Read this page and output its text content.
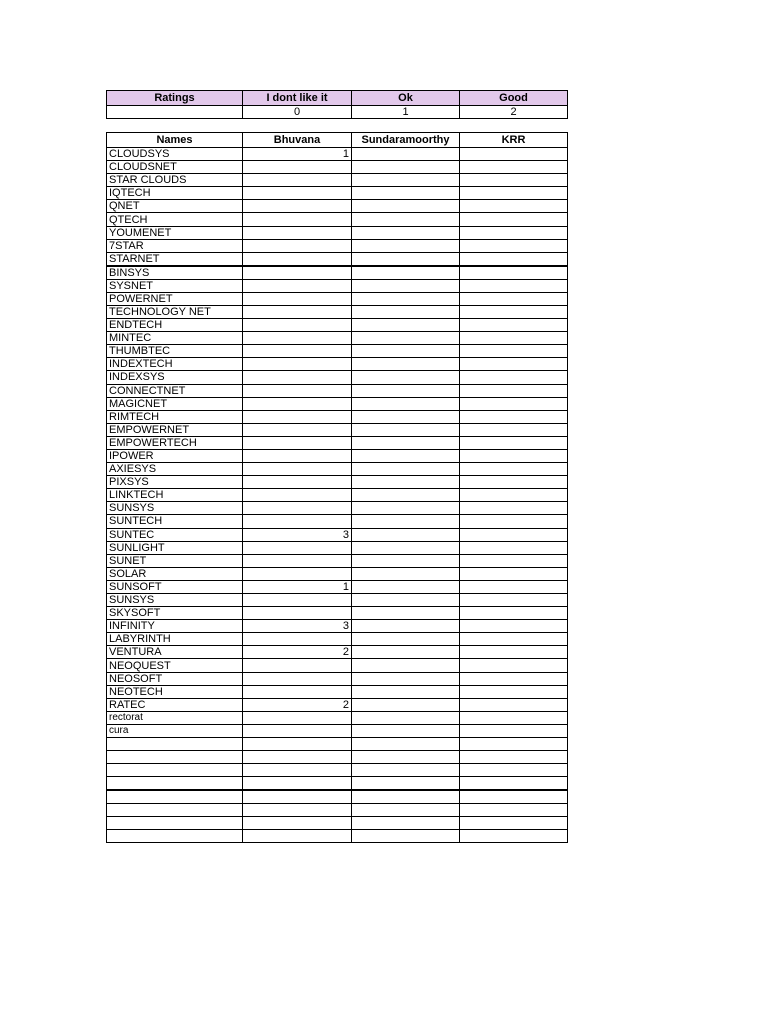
Ratings	I dont like it	Ok	Good
	0	1	2
Names	Bhuvana	Sundaramoorthy	KRR
CLOUDSYS	1		
CLOUDSNET			
STAR CLOUDS			
IQTECH			
QNET			
QTECH			
YOUMENET			
7STAR			
STARNET			
BINSYS			
SYSNET			
POWERNET			
TECHNOLOGY NET			
ENDTECH			
MINTEC			
THUMBTEC			
INDEXTECH			
INDEXSYS			
CONNECTNET			
MAGICNET			
RIMTECH			
EMPOWERNET			
EMPOWERTECH			
IPOWER			
AXIESYS			
PIXSYS			
LINKTECH			
SUNSYS			
SUNTECH			
SUNTEC	3		
SUNLIGHT			
SUNET			
SOLAR			
SUNSOFT	1		
SUNSYS			
SKYSOFT			
INFINITY	3		
LABYRINTH			
VENTURA	2		
NEOQUEST			
NEOSOFT			
NEOTECH			
RATEC	2		
rectorat			
cura			
